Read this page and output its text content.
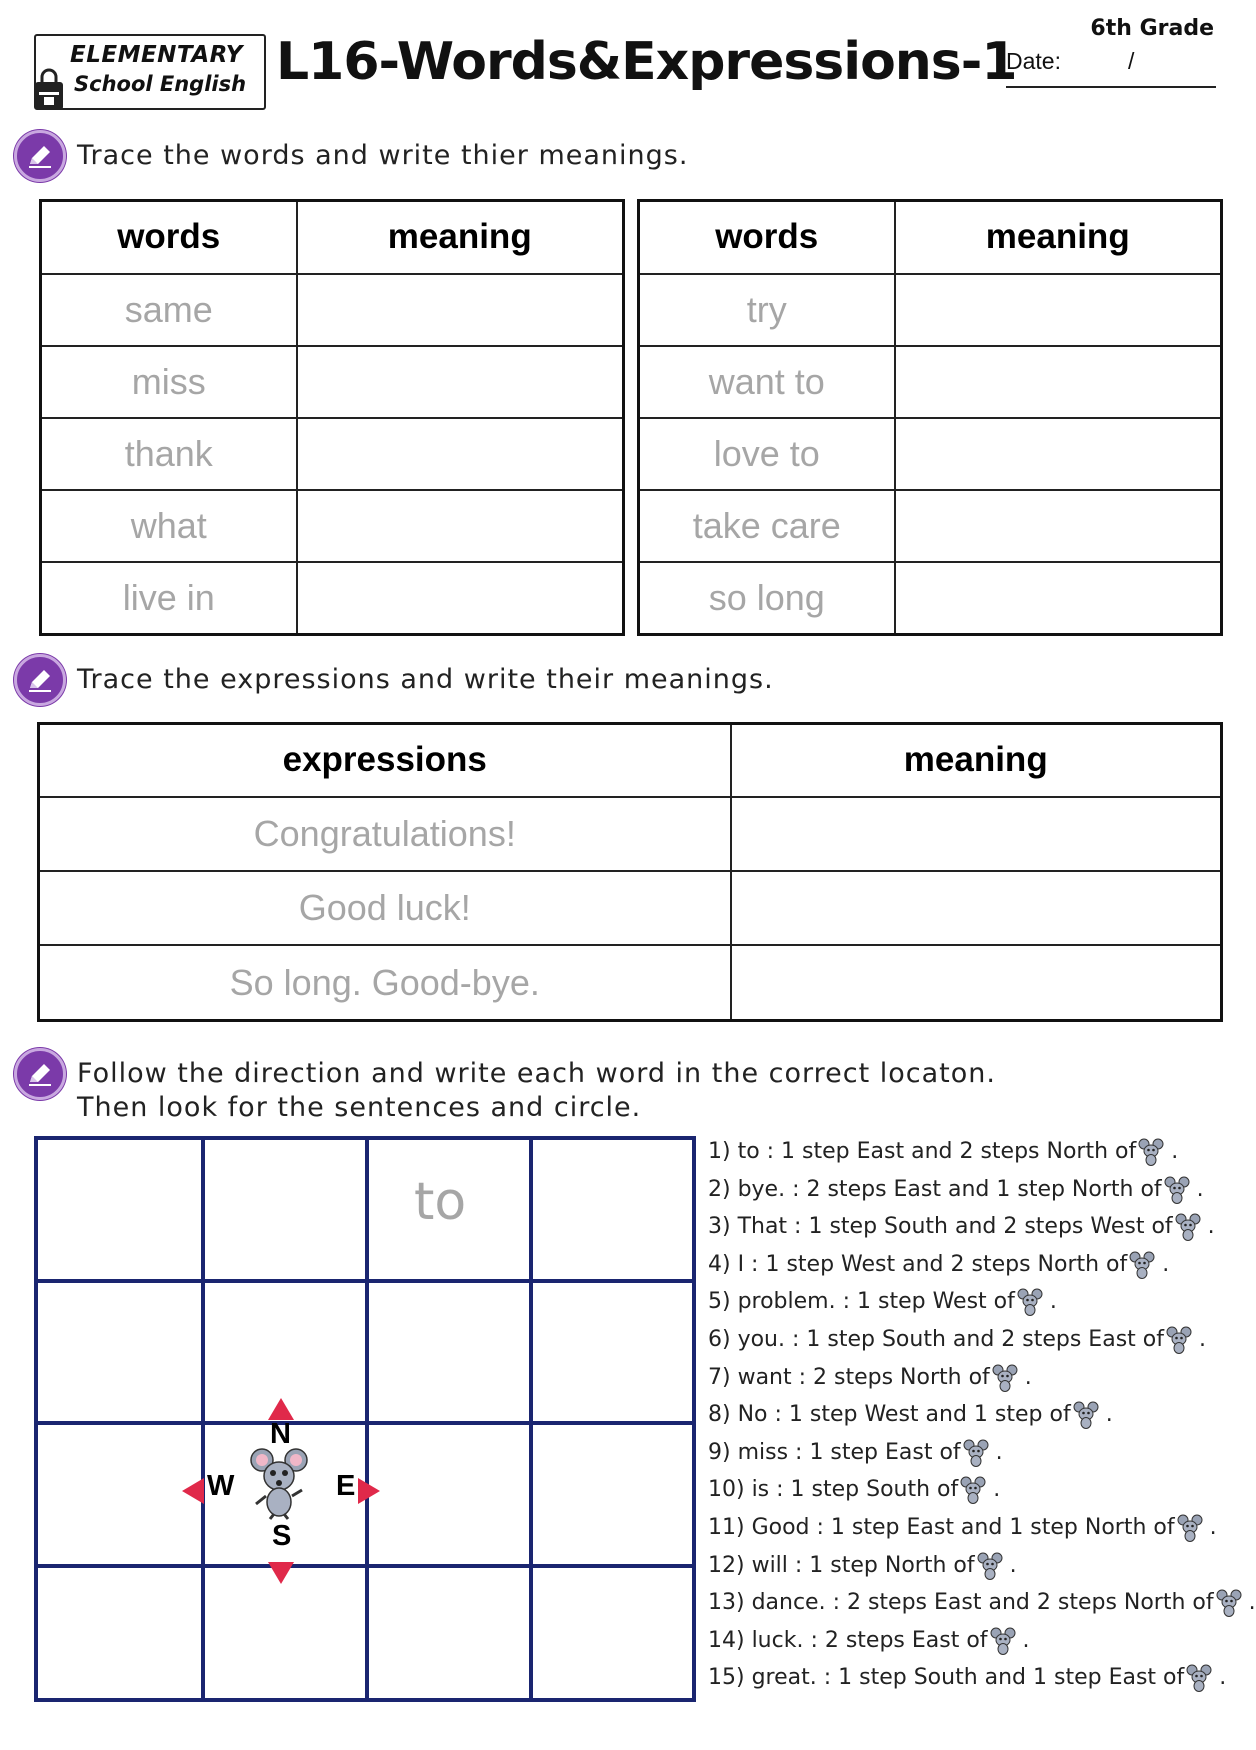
ELEMENTARY
School English L16-Words&Expressions-1
6th Grade
Date:	/
Trace the words and write thier meanings.
words	meaning
same	
miss	
thank	
what	
live in	
words	meaning
try	
want to	
love to	
take care	
so long	
Trace the expressions and write their meanings.
expressions	meaning
Congratulations!	
Good luck!	
So long. Good-bye.	
Follow the direction and write each word in the correct locaton.
Then look for the sentences and circle.
to
N
S
W	E
1) to : 1 step East and 2 steps North of .
2) bye. : 2 steps East and 1 step North of .
3) That : 1 step South and 2 steps West of .
4) I : 1 step West and 2 steps North of .
5) problem. : 1 step West of .
6) you. : 1 step South and 2 steps East of .
7) want : 2 steps North of .
8) No : 1 step West and 1 step of .
9) miss : 1 step East of .
10) is : 1 step South of .
11) Good : 1 step East and 1 step North of .
12) will : 1 step North of .
13) dance. : 2 steps East and 2 steps North of .
14) luck. : 2 steps East of .
15) great. : 1 step South and 1 step East of .
